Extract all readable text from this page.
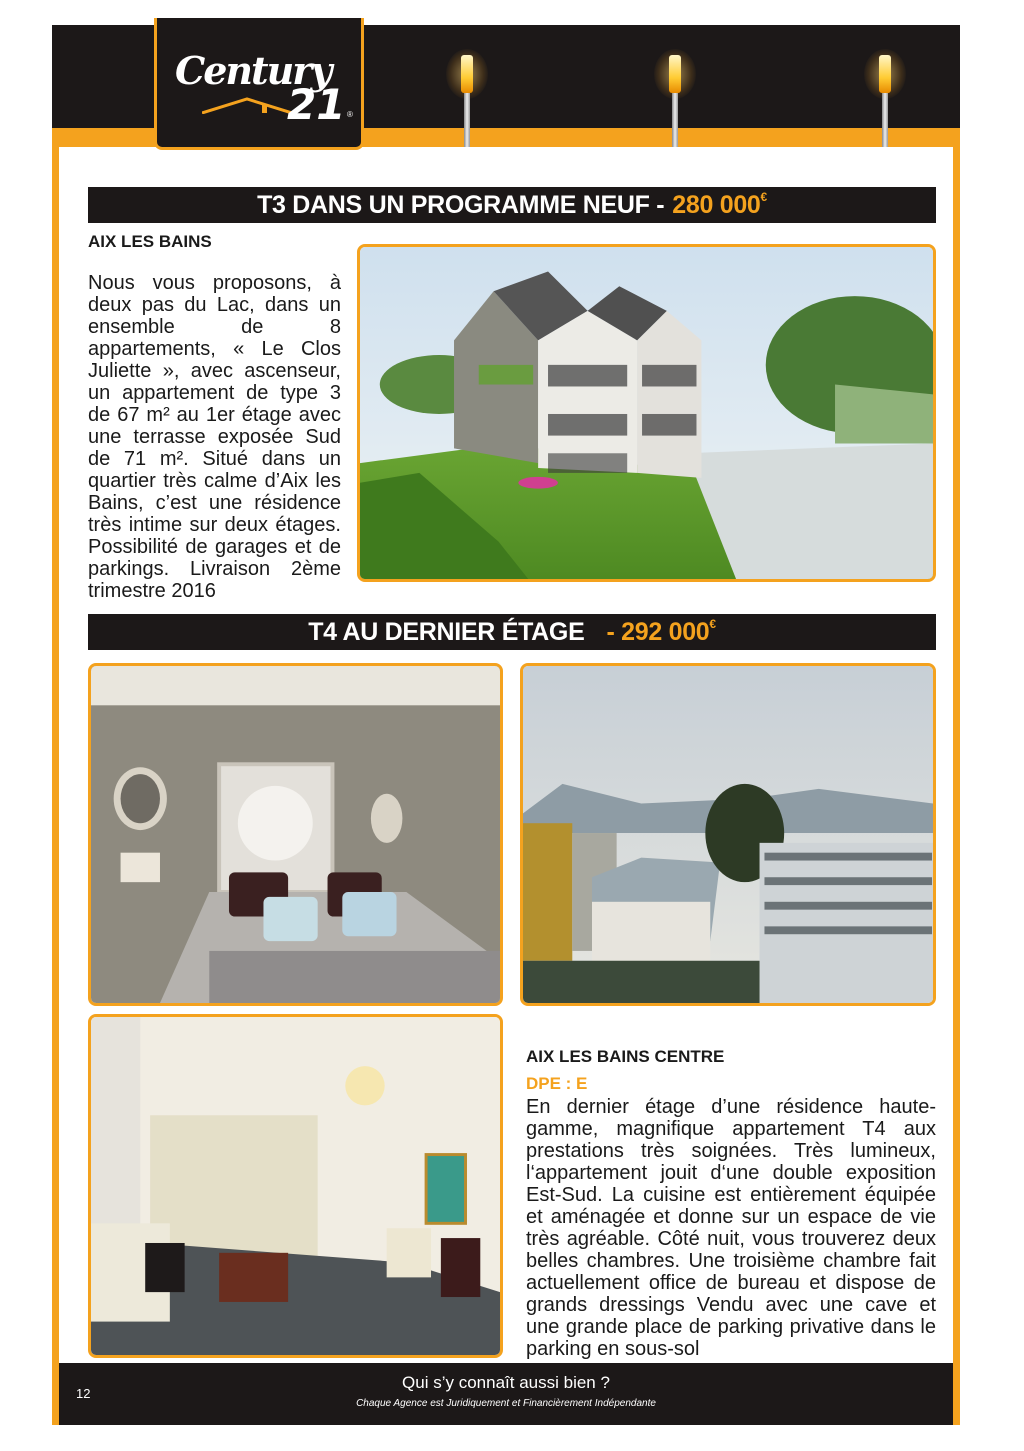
Century
21 ®
T3 DANS UN PROGRAMME NEUF - 280 000€
AIX LES BAINS
Nous vous proposons, à deux pas du Lac, dans un ensemble de 8 appartements, « Le Clos Juliette », avec ascenseur, un appartement de type 3 de 67 m² au 1er étage avec une terrasse exposée Sud de 71 m². Situé dans un quartier très calme d’Aix les Bains, c’est une résidence très intime sur deux étages. Possibilité de garages et de parkings. Livraison 2ème trimestre 2016
T4 AU DERNIER ÉTAGE - 292 000€
AIX LES BAINS CENTRE
DPE : E
En dernier étage d’une résidence haute-gamme, magnifique appartement T4 aux prestations très soignées. Très lumineux, l‘appartement jouit d‘une double exposition Est-Sud. La cuisine est entièrement équipée et aménagée et donne sur un espace de vie très agréable. Côté nuit, vous trouverez deux belles chambres. Une troisième chambre fait actuellement office de bureau et dispose de grands dressings Vendu avec une cave et une grande place de parking privative dans le parking en sous-sol
Qui s’y connaît aussi bien ?
Chaque Agence est Juridiquement et Financièrement Indépendante
12
